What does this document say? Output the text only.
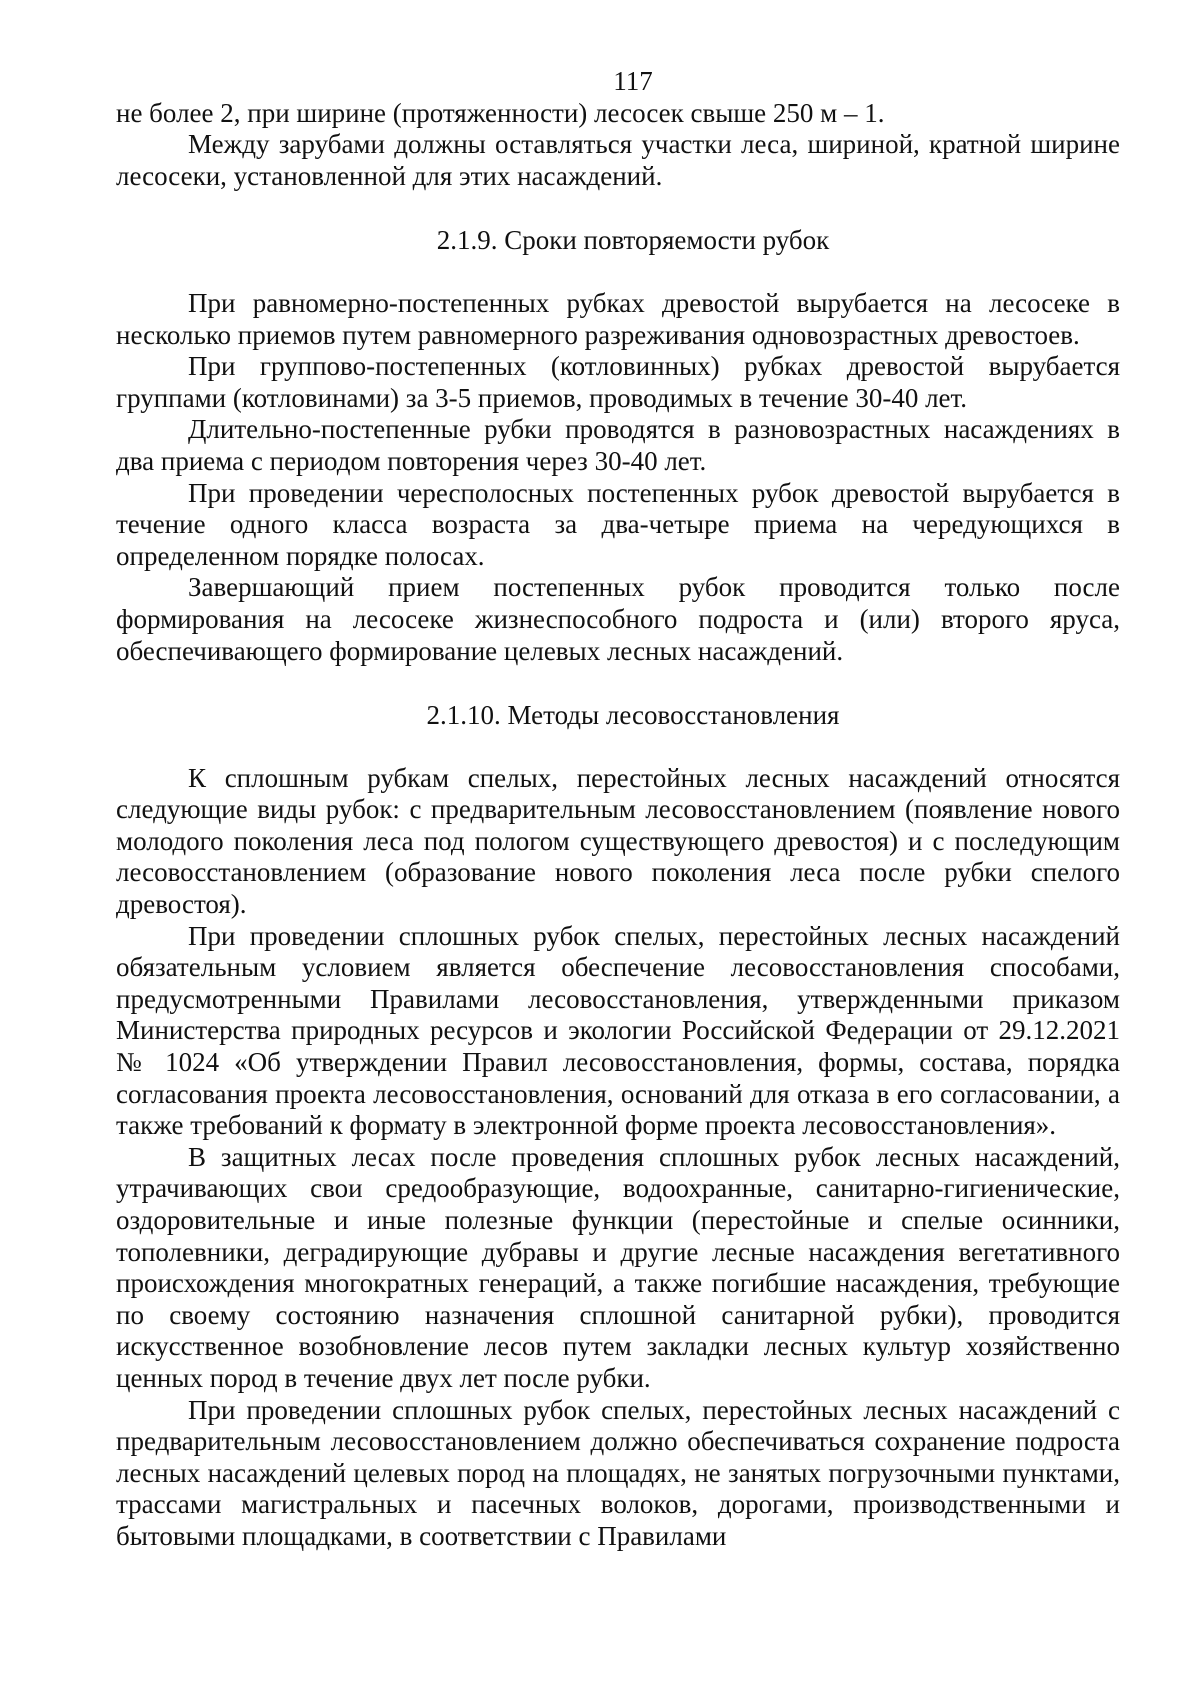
117

не более 2, при ширине (протяженности) лесосек свыше 250 м – 1.

Между зарубами должны оставляться участки леса, шириной, кратной ширине лесосеки, установленной для этих насаждений.

2.1.9. Сроки повторяемости рубок

При равномерно-постепенных рубках древостой вырубается на лесосеке в несколько приемов путем равномерного разреживания одновозрастных древостоев.

При группово-постепенных (котловинных) рубках древостой вырубается группами (котловинами) за 3-5 приемов, проводимых в течение 30-40 лет.

Длительно-постепенные рубки проводятся в разновозрастных насаждениях в два приема с периодом повторения через 30-40 лет.

При проведении чересполосных постепенных рубок древостой вырубается в течение одного класса возраста за два-четыре приема на чередующихся в определенном порядке полосах.

Завершающий прием постепенных рубок проводится только после формирования на лесосеке жизнеспособного подроста и (или) второго яруса, обеспечивающего формирование целевых лесных насаждений.

2.1.10. Методы лесовосстановления

К сплошным рубкам спелых, перестойных лесных насаждений относятся следующие виды рубок: с предварительным лесовосстановлением (появление нового молодого поколения леса под пологом существующего древостоя) и с последующим лесовосстановлением (образование нового поколения леса после рубки спелого древостоя).

При проведении сплошных рубок спелых, перестойных лесных насаждений обязательным условием является обеспечение лесовосстановления способами, предусмотренными Правилами лесовосстановления, утвержденными приказом Министерства природных ресурсов и экологии Российской Федерации от 29.12.2021 № 1024 «Об утверждении Правил лесовосстановления, формы, состава, порядка согласования проекта лесовосстановления, оснований для отказа в его согласовании, а также требований к формату в электронной форме проекта лесовосстановления».

В защитных лесах после проведения сплошных рубок лесных насаждений, утрачивающих свои средообразующие, водоохранные, санитарно-гигиенические, оздоровительные и иные полезные функции (перестойные и спелые осинники, тополевники, деградирующие дубравы и другие лесные насаждения вегетативного происхождения многократных генераций, а также погибшие насаждения, требующие по своему состоянию назначения сплошной санитарной рубки), проводится искусственное возобновление лесов путем закладки лесных культур хозяйственно ценных пород в течение двух лет после рубки.

При проведении сплошных рубок спелых, перестойных лесных насаждений с предварительным лесовосстановлением должно обеспечиваться сохранение подроста лесных насаждений целевых пород на площадях, не занятых погрузочными пунктами, трассами магистральных и пасечных волоков, дорогами, производственными и бытовыми площадками, в соответствии с Правилами
